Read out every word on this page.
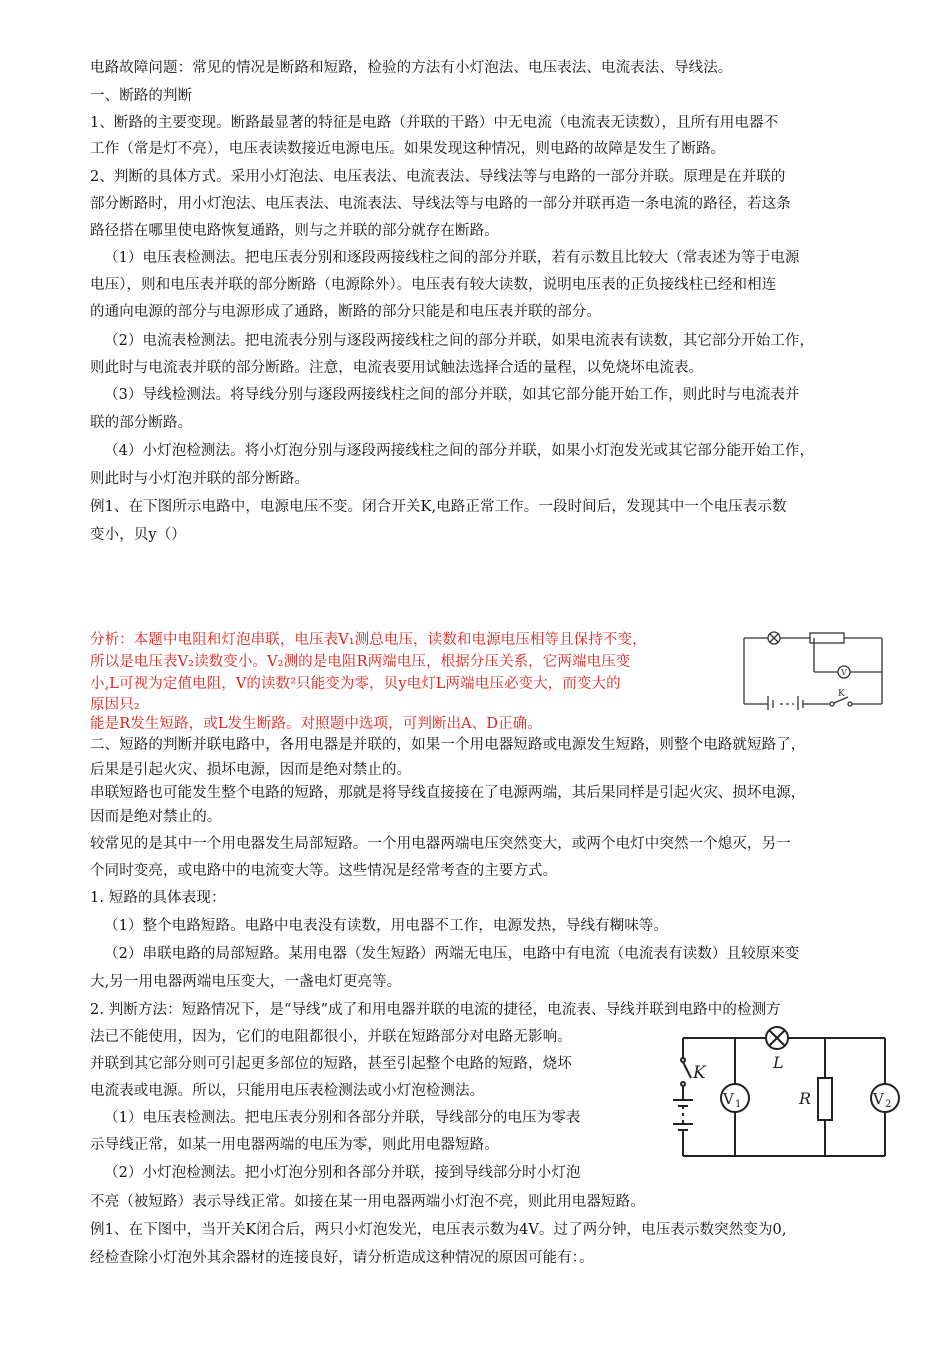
电路故障问题：常见的情况是断路和短路，检验的方法有小灯泡法、电压表法、电流表法、导线法。
一、断路的判断
1、断路的主要变现。断路最显著的特征是电路（并联的干路）中无电流（电流表无读数），且所有用电器不
工作（常是灯不亮），电压表读数接近电源电压。如果发现这种情况，则电路的故障是发生了断路。
2、判断的具体方式。采用小灯泡法、电压表法、电流表法、导线法等与电路的一部分并联。原理是在并联的
部分断路时，用小灯泡法、电压表法、电流表法、导线法等与电路的一部分并联再造一条电流的路径，若这条
路径搭在哪里使电路恢复通路，则与之并联的部分就存在断路。
（1）电压表检测法。把电压表分别和逐段两接线柱之间的部分并联，若有示数且比较大（常表述为等于电源
电压），则和电压表并联的部分断路（电源除外）。电压表有较大读数，说明电压表的正负接线柱已经和相连
的通向电源的部分与电源形成了通路，断路的部分只能是和电压表并联的部分。
（2）电流表检测法。把电流表分别与逐段两接线柱之间的部分并联，如果电流表有读数，其它部分开始工作，
则此时与电流表并联的部分断路。注意，电流表要用试触法选择合适的量程，以免烧坏电流表。
（3）导线检测法。将导线分别与逐段两接线柱之间的部分并联，如其它部分能开始工作，则此时与电流表并
联的部分断路。
（4）小灯泡检测法。将小灯泡分别与逐段两接线柱之间的部分并联，如果小灯泡发光或其它部分能开始工作，
则此时与小灯泡并联的部分断路。
例1、在下图所示电路中，电源电压不变。闭合开关K,电路正常工作。一段时间后，发现其中一个电压表示数
变小，贝y（）
分析：本题中电阻和灯泡串联，电压表V₁测总电压，读数和电源电压相等且保持不变，
所以是电压表V₂读数变小。V₂测的是电阻R两端电压，根据分压关系，它两端电压变
小,L可视为定值电阻，V的读数²只能变为零，贝y电灯L两端电压必变大，而变大的
原因只₂
能是R发生短路，或L发生断路。对照题中选项，可判断出A、D正确。
V
K
二、短路的判断并联电路中，各用电器是并联的，如果一个用电器短路或电源发生短路，则整个电路就短路了，
后果是引起火灾、损坏电源，因而是绝对禁止的。
串联短路也可能发生整个电路的短路，那就是将导线直接接在了电源两端，其后果同样是引起火灾、损坏电源，
因而是绝对禁止的。
较常见的是其中一个用电器发生局部短路。一个用电器两端电压突然变大，或两个电灯中突然一个熄灭，另一
个同时变亮，或电路中的电流变大等。这些情况是经常考查的主要方式。
1. 短路的具体表现：
（1）整个电路短路。电路中电表没有读数，用电器不工作，电源发热，导线有糊味等。
（2）串联电路的局部短路。某用电器（发生短路）两端无电压，电路中有电流（电流表有读数）且较原来变
大,另一用电器两端电压变大，一盏电灯更亮等。
2. 判断方法：短路情况下，是“导线”成了和用电器并联的电流的捷径，电流表、导线并联到电路中的检测方
法已不能使用，因为，它们的电阻都很小，并联在短路部分对电路无影响。
并联到其它部分则可引起更多部位的短路，甚至引起整个电路的短路，烧坏
电流表或电源。所以，只能用电压表检测法或小灯泡检测法。
（1）电压表检测法。把电压表分别和各部分并联，导线部分的电压为零表
示导线正常，如某一用电器两端的电压为零，则此用电器短路。
（2）小灯泡检测法。把小灯泡分别和各部分并联，接到导线部分时小灯泡
不亮（被短路）表示导线正常。如接在某一用电器两端小灯泡不亮，则此用电器短路。
例1、在下图中，当开关K闭合后，两只小灯泡发光，电压表示数为4V。过了两分钟，电压表示数突然变为0,
经检查除小灯泡外其余器材的连接良好，请分析造成这种情况的原因可能有：。
K
L
R
V 1	V 2
